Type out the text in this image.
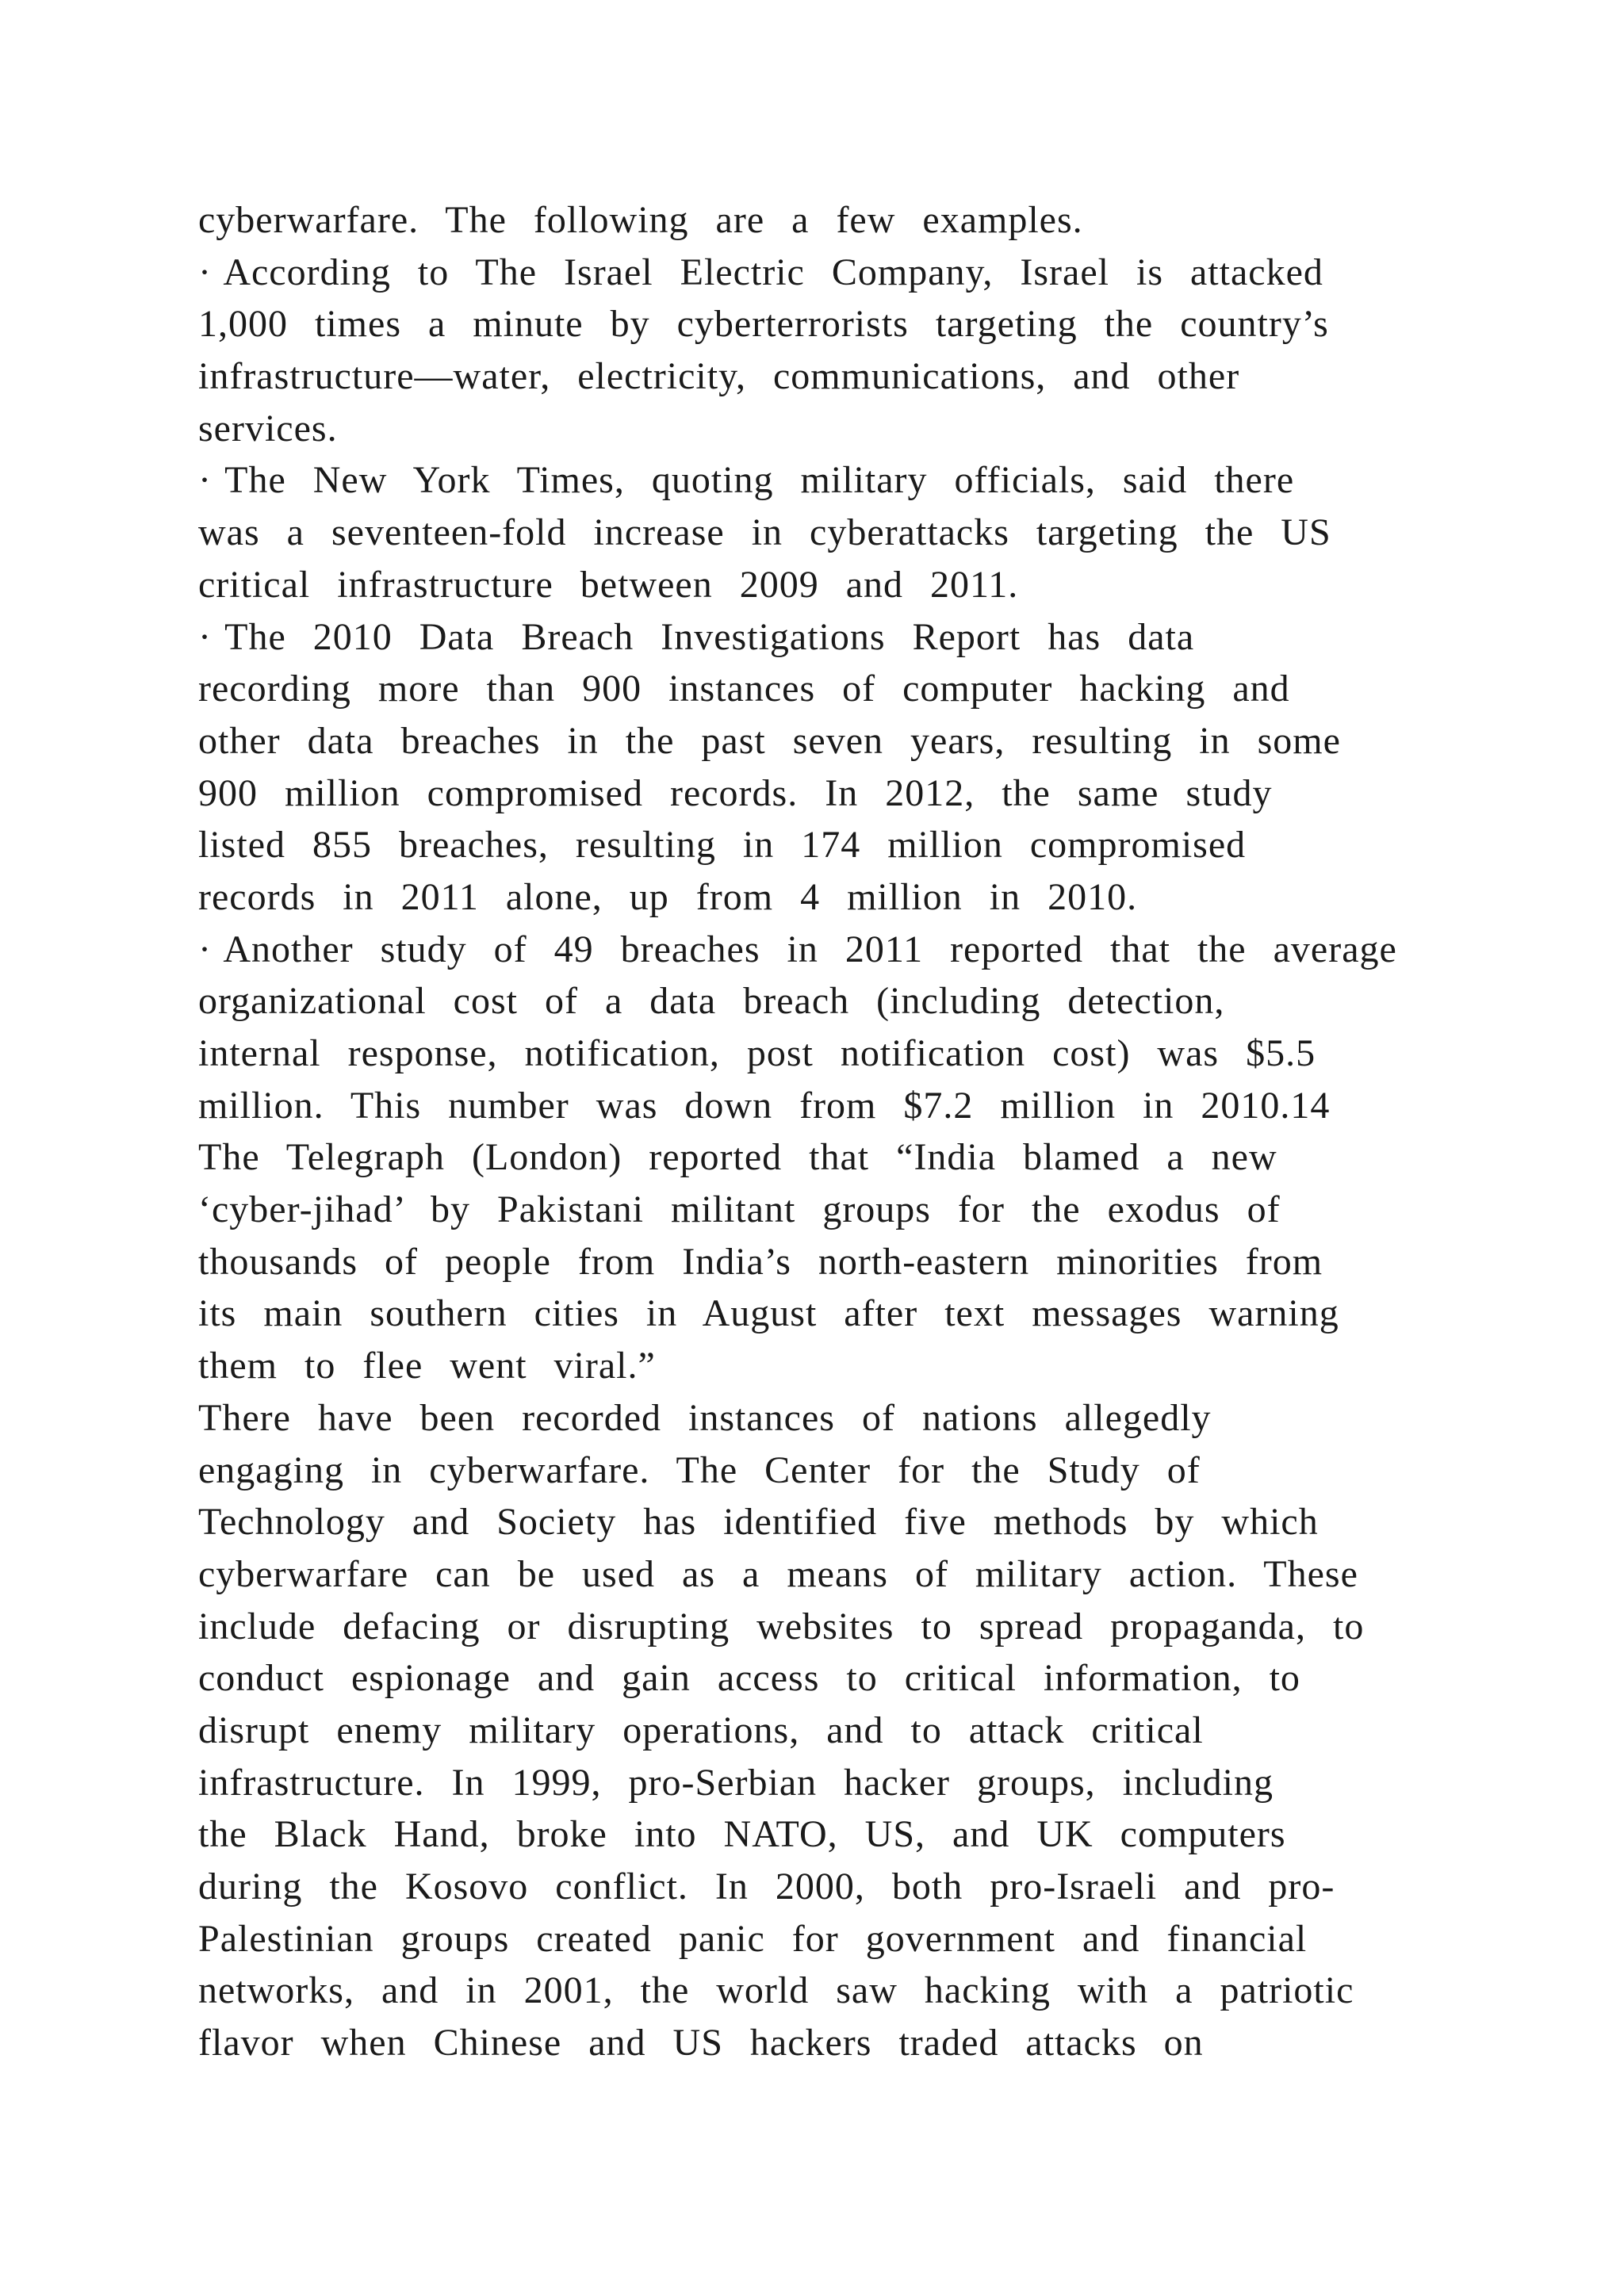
cyberwarfare.  The  following  are  a  few  examples.
· According  to  The  Israel  Electric  Company,  Israel  is  attacked
1,000  times  a  minute  by  cyberterrorists  targeting  the  country’s
infrastructure—water,  electricity,  communications,  and  other
services.
· The  New  York  Times,  quoting  military  officials,  said  there
was  a  seventeen-fold  increase  in  cyberattacks  targeting  the  US
critical  infrastructure  between  2009  and  2011.
· The  2010  Data  Breach  Investigations  Report  has  data
recording  more  than  900  instances  of  computer  hacking  and
other  data  breaches  in  the  past  seven  years,  resulting  in  some
900  million  compromised  records.  In  2012,  the  same  study
listed  855  breaches,  resulting  in  174  million  compromised
records  in  2011  alone,  up  from  4  million  in  2010.
· Another  study  of  49  breaches  in  2011  reported  that  the  average
organizational  cost  of  a  data  breach  (including  detection,
internal  response,  notification,  post  notification  cost)  was  $5.5
million.  This  number  was  down  from  $7.2  million  in  2010.14
The  Telegraph  (London)  reported  that  “India  blamed  a  new
‘cyber-jihad’  by  Pakistani  militant  groups  for  the  exodus  of
thousands  of  people  from  India’s  north-eastern  minorities  from
its  main  southern  cities  in  August  after  text  messages  warning
them  to  flee  went  viral.”
There  have  been  recorded  instances  of  nations  allegedly
engaging  in  cyberwarfare.  The  Center  for  the  Study  of
Technology  and  Society  has  identified  five  methods  by  which
cyberwarfare  can  be  used  as  a  means  of  military  action.  These
include  defacing  or  disrupting  websites  to  spread  propaganda,  to
conduct  espionage  and  gain  access  to  critical  information,  to
disrupt  enemy  military  operations,  and  to  attack  critical
infrastructure.  In  1999,  pro-Serbian  hacker  groups,  including
the  Black  Hand,  broke  into  NATO,  US,  and  UK  computers
during  the  Kosovo  conflict.  In  2000,  both  pro-Israeli  and  pro-
Palestinian  groups  created  panic  for  government  and  financial
networks,  and  in  2001,  the  world  saw  hacking  with  a  patriotic
flavor  when  Chinese  and  US  hackers  traded  attacks  on
